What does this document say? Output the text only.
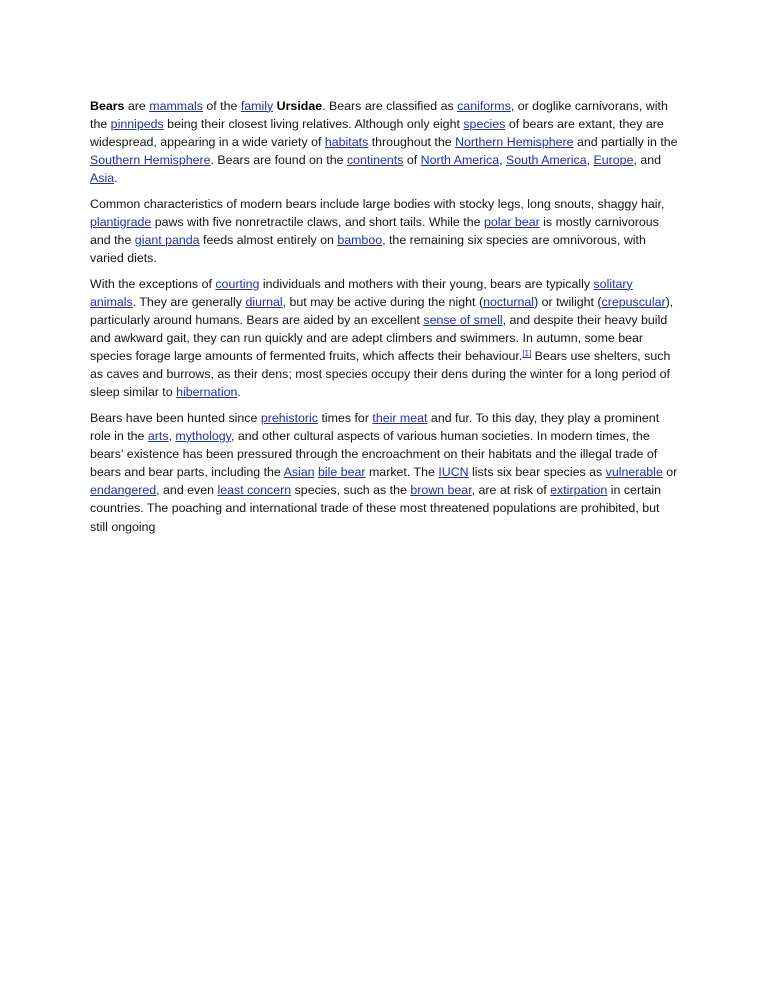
Bears are mammals of the family Ursidae. Bears are classified as caniforms, or doglike carnivorans, with the pinnipeds being their closest living relatives. Although only eight species of bears are extant, they are widespread, appearing in a wide variety of habitats throughout the Northern Hemisphere and partially in the Southern Hemisphere. Bears are found on the continents of North America, South America, Europe, and Asia.

Common characteristics of modern bears include large bodies with stocky legs, long snouts, shaggy hair, plantigrade paws with five nonretractile claws, and short tails. While the polar bear is mostly carnivorous and the giant panda feeds almost entirely on bamboo, the remaining six species are omnivorous, with varied diets.

With the exceptions of courting individuals and mothers with their young, bears are typically solitary animals. They are generally diurnal, but may be active during the night (nocturnal) or twilight (crepuscular), particularly around humans. Bears are aided by an excellent sense of smell, and despite their heavy build and awkward gait, they can run quickly and are adept climbers and swimmers. In autumn, some bear species forage large amounts of fermented fruits, which affects their behaviour.[1] Bears use shelters, such as caves and burrows, as their dens; most species occupy their dens during the winter for a long period of sleep similar to hibernation.

Bears have been hunted since prehistoric times for their meat and fur. To this day, they play a prominent role in the arts, mythology, and other cultural aspects of various human societies. In modern times, the bears' existence has been pressured through the encroachment on their habitats and the illegal trade of bears and bear parts, including the Asian bile bear market. The IUCN lists six bear species as vulnerable or endangered, and even least concern species, such as the brown bear, are at risk of extirpation in certain countries. The poaching and international trade of these most threatened populations are prohibited, but still ongoing
